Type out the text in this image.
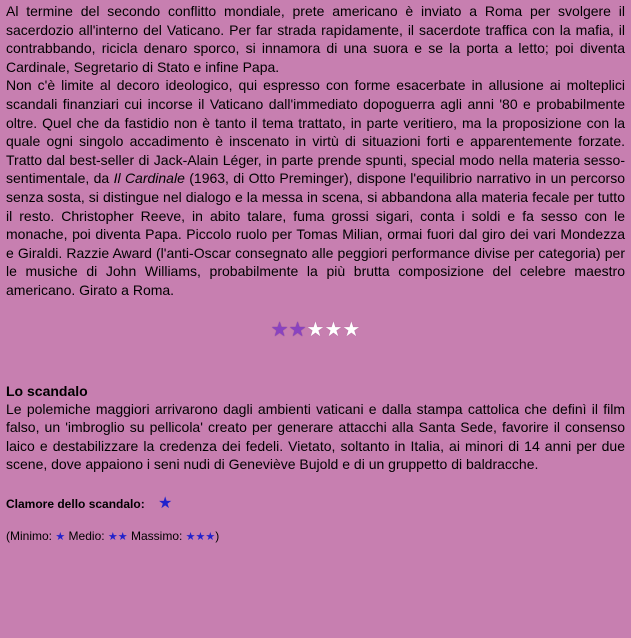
Al termine del secondo conflitto mondiale, prete americano è inviato a Roma per svolgere il sacerdozio all'interno del Vaticano. Per far strada rapidamente, il sacerdote traffica con la mafia, il contrabbando, ricicla denaro sporco, si innamora di una suora e se la porta a letto; poi diventa Cardinale, Segretario di Stato e infine Papa.

Non c'è limite al decoro ideologico, qui espresso con forme esacerbate in allusione ai molteplici scandali finanziari cui incorse il Vaticano dall'immediato dopoguerra agli anni '80 e probabilmente oltre. Quel che da fastidio non è tanto il tema trattato, in parte veritiero, ma la proposizione con la quale ogni singolo accadimento è inscenato in virtù di situazioni forti e apparentemente forzate. Tratto dal best-seller di Jack-Alain Léger, in parte prende spunti, special modo nella materia sesso-sentimentale, da Il Cardinale (1963, di Otto Preminger), dispone l'equilibrio narrativo in un percorso senza sosta, si distingue nel dialogo e la messa in scena, si abbandona alla materia fecale per tutto il resto. Christopher Reeve, in abito talare, fuma grossi sigari, conta i soldi e fa sesso con le monache, poi diventa Papa. Piccolo ruolo per Tomas Milian, ormai fuori dal giro dei vari Mondezza e Giraldi. Razzie Award (l'anti-Oscar consegnato alle peggiori performance divise per categoria) per le musiche di John Williams, probabilmente la più brutta composizione del celebre maestro americano. Girato a Roma.

★★★★★
Lo scandalo

Le polemiche maggiori arrivarono dagli ambienti vaticani e dalla stampa cattolica che definì il film falso, un 'imbroglio su pellicola' creato per generare attacchi alla Santa Sede, favorire il consenso laico e destabilizzare la credenza dei fedeli. Vietato, soltanto in Italia, ai minori di 14 anni per due scene, dove appaiono i seni nudi di Geneviève Bujold e di un gruppetto di baldracche.

Clamore dello scandalo: ★
(Minimo: ★ Medio: ★★ Massimo: ★★★)
